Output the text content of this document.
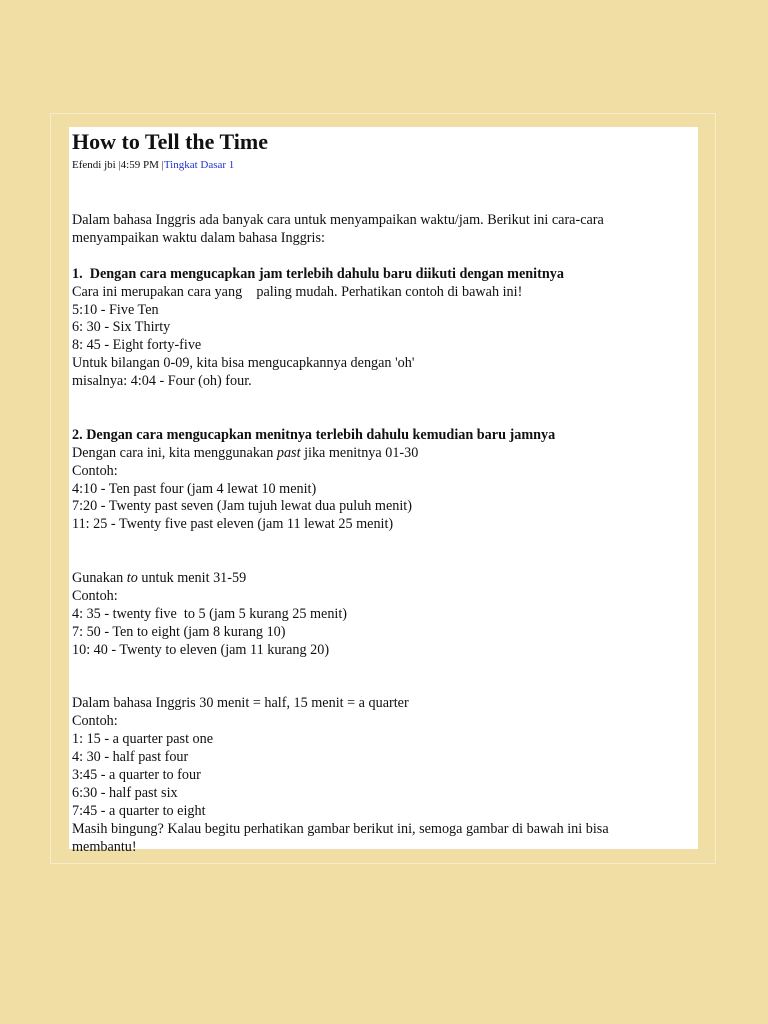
How to Tell the Time
Efendi jbi |4:59 PM |Tingkat Dasar 1
Dalam bahasa Inggris ada banyak cara untuk menyampaikan waktu/jam. Berikut ini cara-cara
menyampaikan waktu dalam bahasa Inggris:
1.  Dengan cara mengucapkan jam terlebih dahulu baru diikuti dengan menitnya
Cara ini merupakan cara yang    paling mudah. Perhatikan contoh di bawah ini!
5:10 - Five Ten
6: 30 - Six Thirty
8: 45 - Eight forty-five
Untuk bilangan 0-09, kita bisa mengucapkannya dengan 'oh'
misalnya: 4:04 - Four (oh) four.
2. Dengan cara mengucapkan menitnya terlebih dahulu kemudian baru jamnya
Dengan cara ini, kita menggunakan past jika menitnya 01-30
Contoh:
4:10 - Ten past four (jam 4 lewat 10 menit)
7:20 - Twenty past seven (Jam tujuh lewat dua puluh menit)
11: 25 - Twenty five past eleven (jam 11 lewat 25 menit)
Gunakan to untuk menit 31-59
Contoh:
4: 35 - twenty five  to 5 (jam 5 kurang 25 menit)
7: 50 - Ten to eight (jam 8 kurang 10)
10: 40 - Twenty to eleven (jam 11 kurang 20)
Dalam bahasa Inggris 30 menit = half, 15 menit = a quarter
Contoh:
1: 15 - a quarter past one
4: 30 - half past four
3:45 - a quarter to four
6:30 - half past six
7:45 - a quarter to eight
Masih bingung? Kalau begitu perhatikan gambar berikut ini, semoga gambar di bawah ini bisa
membantu!
